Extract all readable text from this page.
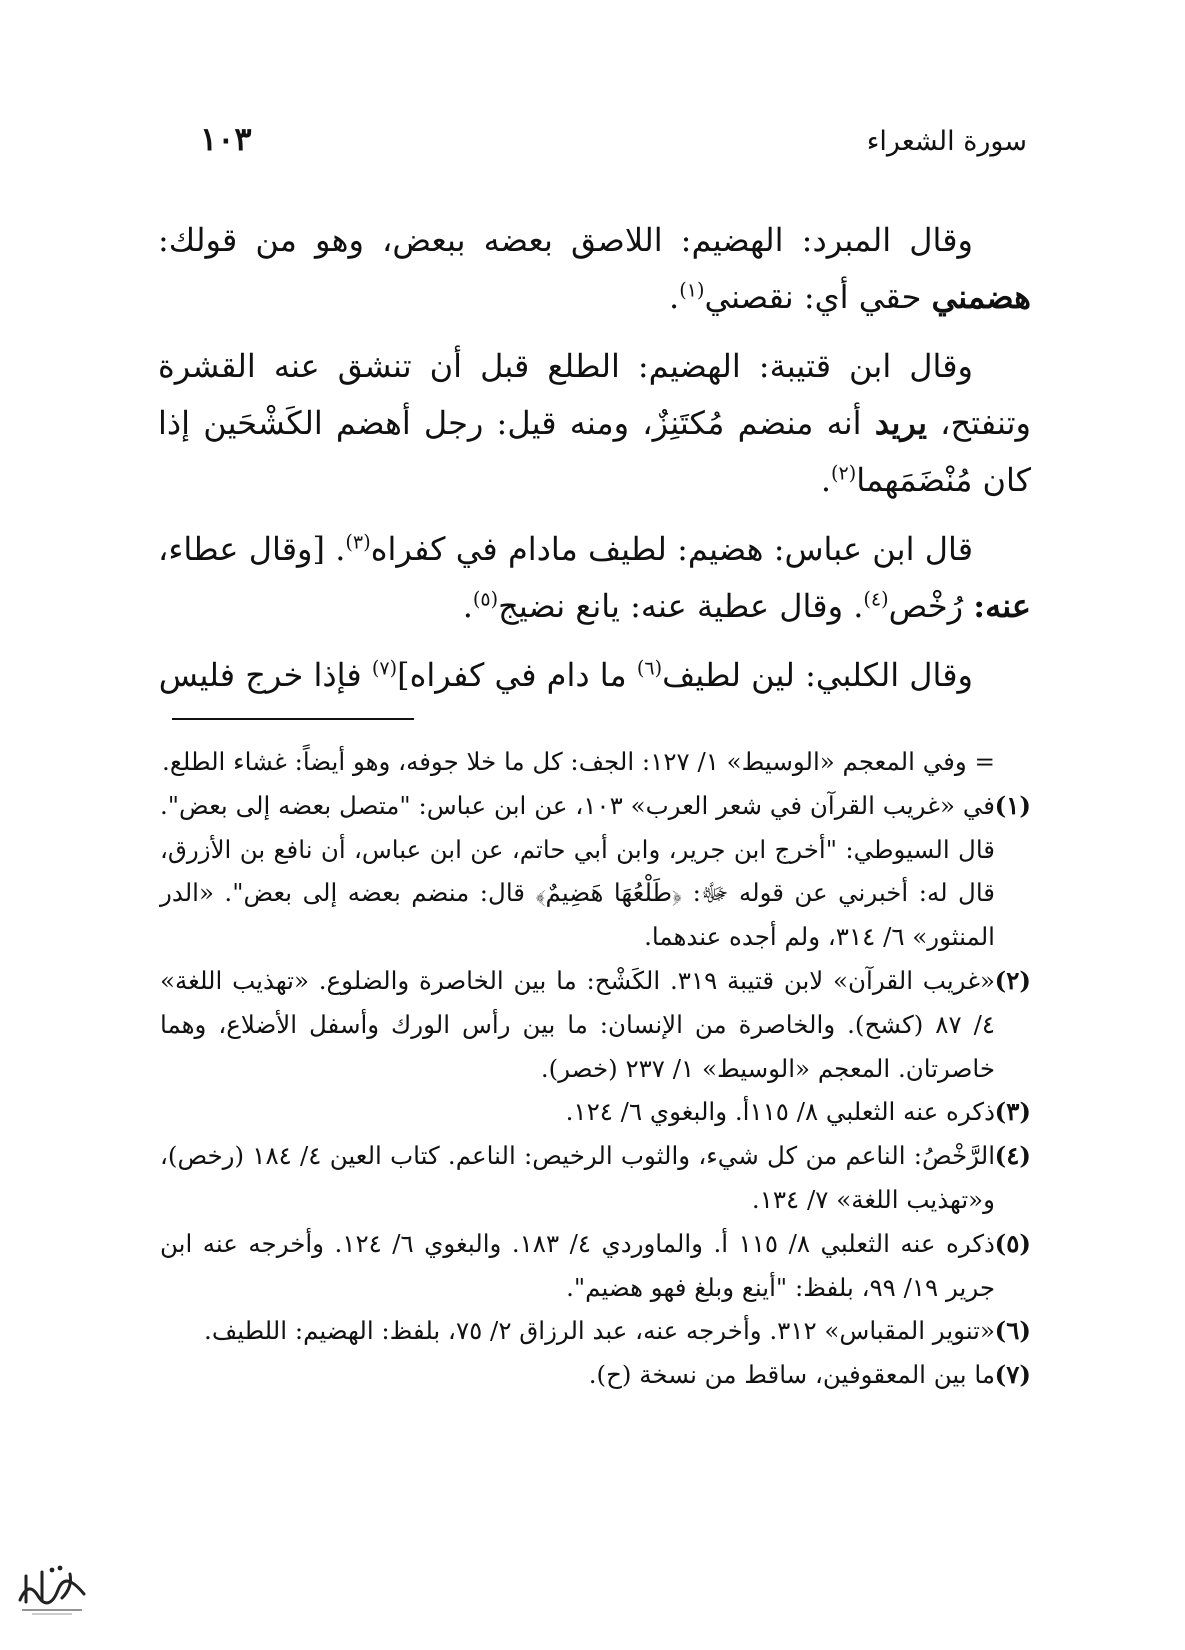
سورة الشعراء
١٠٣

وقال المبرد: الهضيم: اللاصق بعضه ببعض، وهو من قولك: هضمني حقي أي: نقصني$^{(١)}$.

وقال ابن قتيبة: الهضيم: الطلع قبل أن تنشق عنه القشرة وتنفتح، يريد أنه منضم مُكتَنِزٌ، ومنه قيل: رجل أهضم الكَشْحَين إذا كان مُنْضَمَهما$^{(٢)}$.

قال ابن عباس: هضيم: لطيف مادام في كفراه$^{(٣)}$. [وقال عطاء، عنه: رُخْص$^{(٤)}$. وقال عطية عنه: يانع نضيج$^{(٥)}$.

وقال الكلبي: لين لطيف$^{(٦)}$ ما دام في كفراه]$^{(٧)}$ فإذا خرج فليس

= وفي المعجم «الوسيط» ١/ ١٢٧: الجف: كل ما خلا جوفه، وهو أيضاً: غشاء الطلع.
(١)
في «غريب القرآن في شعر العرب» ١٠٣، عن ابن عباس: "متصل بعضه إلى بعض". قال السيوطي: "أخرج ابن جرير، وابن أبي حاتم، عن ابن عباس، أن نافع بن الأزرق، قال له: أخبرني عن قوله ﷻ: ﴿طَلْعُهَا هَضِيمٌ﴾ قال: منضم بعضه إلى بعض". «الدر المنثور» ٦/ ٣١٤، ولم أجده عندهما.
(٢)
«غريب القرآن» لابن قتيبة ٣١٩. الكَشْح: ما بين الخاصرة والضلوع. «تهذيب اللغة» ٤/ ٨٧ (كشح). والخاصرة من الإنسان: ما بين رأس الورك وأسفل الأضلاع، وهما خاصرتان. المعجم «الوسيط» ١/ ٢٣٧ (خصر).
(٣)
ذكره عنه الثعلبي ٨/ ١١٥أ. والبغوي ٦/ ١٢٤.
(٤)
الرَّخْصُ: الناعم من كل شيء، والثوب الرخيص: الناعم. كتاب العين ٤/ ١٨٤ (رخص)، و«تهذيب اللغة» ٧/ ١٣٤.
(٥)
ذكره عنه الثعلبي ٨/ ١١٥ أ. والماوردي ٤/ ١٨٣. والبغوي ٦/ ١٢٤. وأخرجه عنه ابن جرير ١٩/ ٩٩، بلفظ: "أينع وبلغ فهو هضيم".
(٦)
«تنوير المقباس» ٣١٢. وأخرجه عنه، عبد الرزاق ٢/ ٧٥، بلفظ: الهضيم: اللطيف.
(٧)
ما بين المعقوفين، ساقط من نسخة (ح).
